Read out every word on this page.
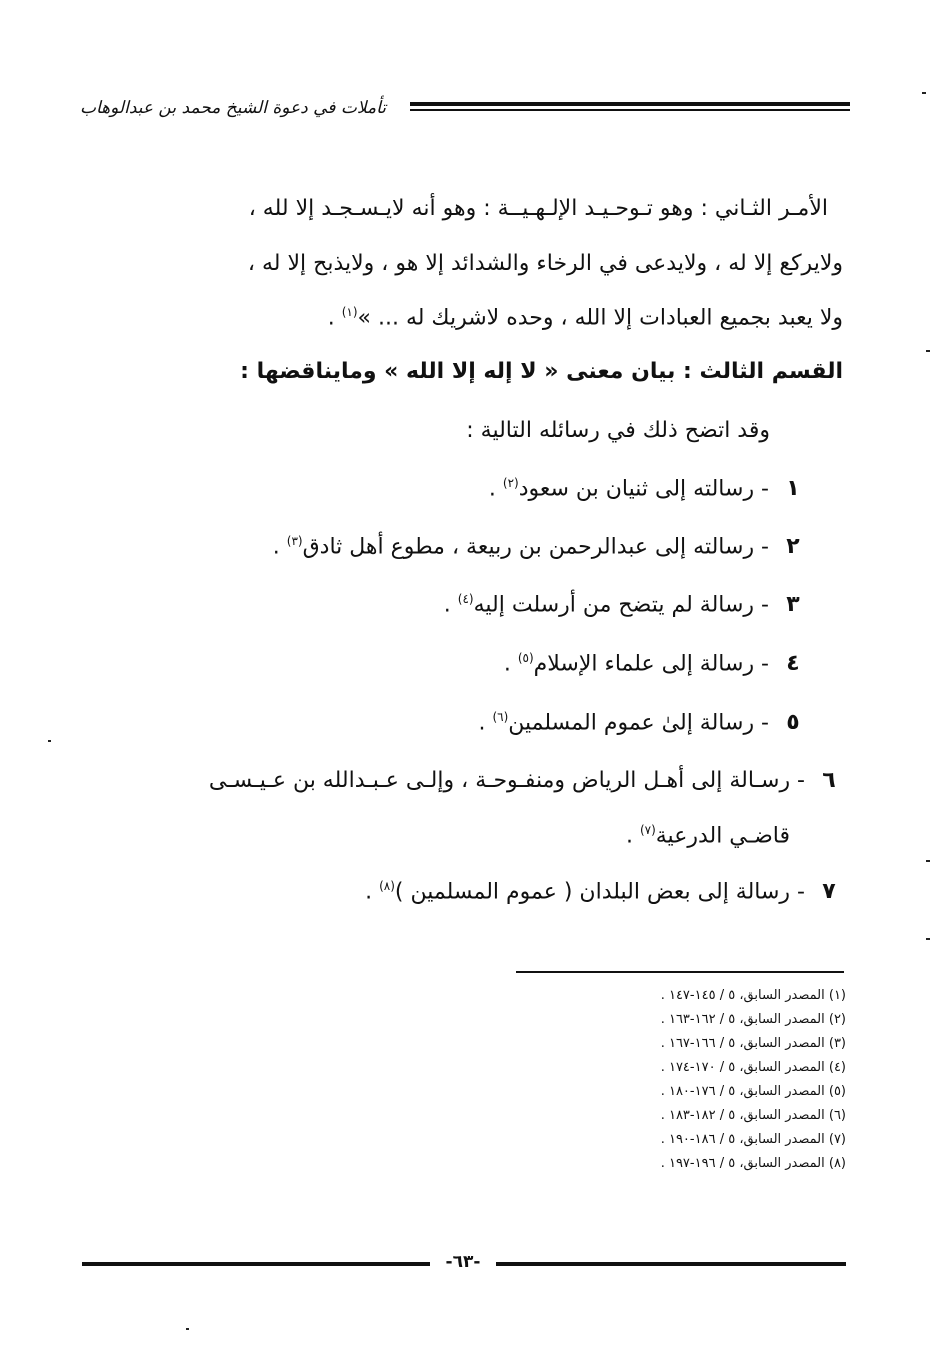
تأملات في دعوة الشيخ محمد بن عبدالوهاب
الأمـر الثـاني : وهو تـوحـيـد الإلـهـيــة : وهو أنه لايـسـجـد إلا لله ،
ولايركع إلا له ، ولايدعى في الرخاء والشدائد إلا هو ، ولايذبح إلا له ،
ولا يعبد بجميع العبادات إلا الله ، وحده لاشريك له ... »$^{(١)}$ .
القسم الثالث : بيان معنى « لا إله إلا الله » ومايناقضها :
وقد اتضح ذلك في رسائله التالية :
١ - رسالته إلى ثنيان بن سعود$^{(٢)}$ .
٢ - رسالته إلى عبدالرحمن بن ربيعة ، مطوع أهل ثادق$^{(٣)}$ .
٣ - رسالة لم يتضح من أرسلت إليه$^{(٤)}$ .
٤ - رسالة إلى علماء الإسلام$^{(٥)}$ .
٥ - رسالة إلىٰ عموم المسلمين$^{(٦)}$ .
٦ - رسـالة إلى أهـل الرياض ومنفـوحـة ، وإلـى عـبـدالله بن عـيـسـى
قاضـي الدرعية$^{(٧)}$ .
٧ - رسالة إلى بعض البلدان ( عموم المسلمين )$^{(٨)}$ .
(١) المصدر السابق، ٥ / ١٤٥-١٤٧ .
(٢) المصدر السابق، ٥ / ١٦٢-١٦٣ .
(٣) المصدر السابق، ٥ / ١٦٦-١٦٧ .
(٤) المصدر السابق، ٥ / ١٧٠-١٧٤ .
(٥) المصدر السابق، ٥ / ١٧٦-١٨٠ .
(٦) المصدر السابق، ٥ / ١٨٢-١٨٣ .
(٧) المصدر السابق، ٥ / ١٨٦-١٩٠ .
(٨) المصدر السابق، ٥ / ١٩٦-١٩٧ .
-٦٣-
